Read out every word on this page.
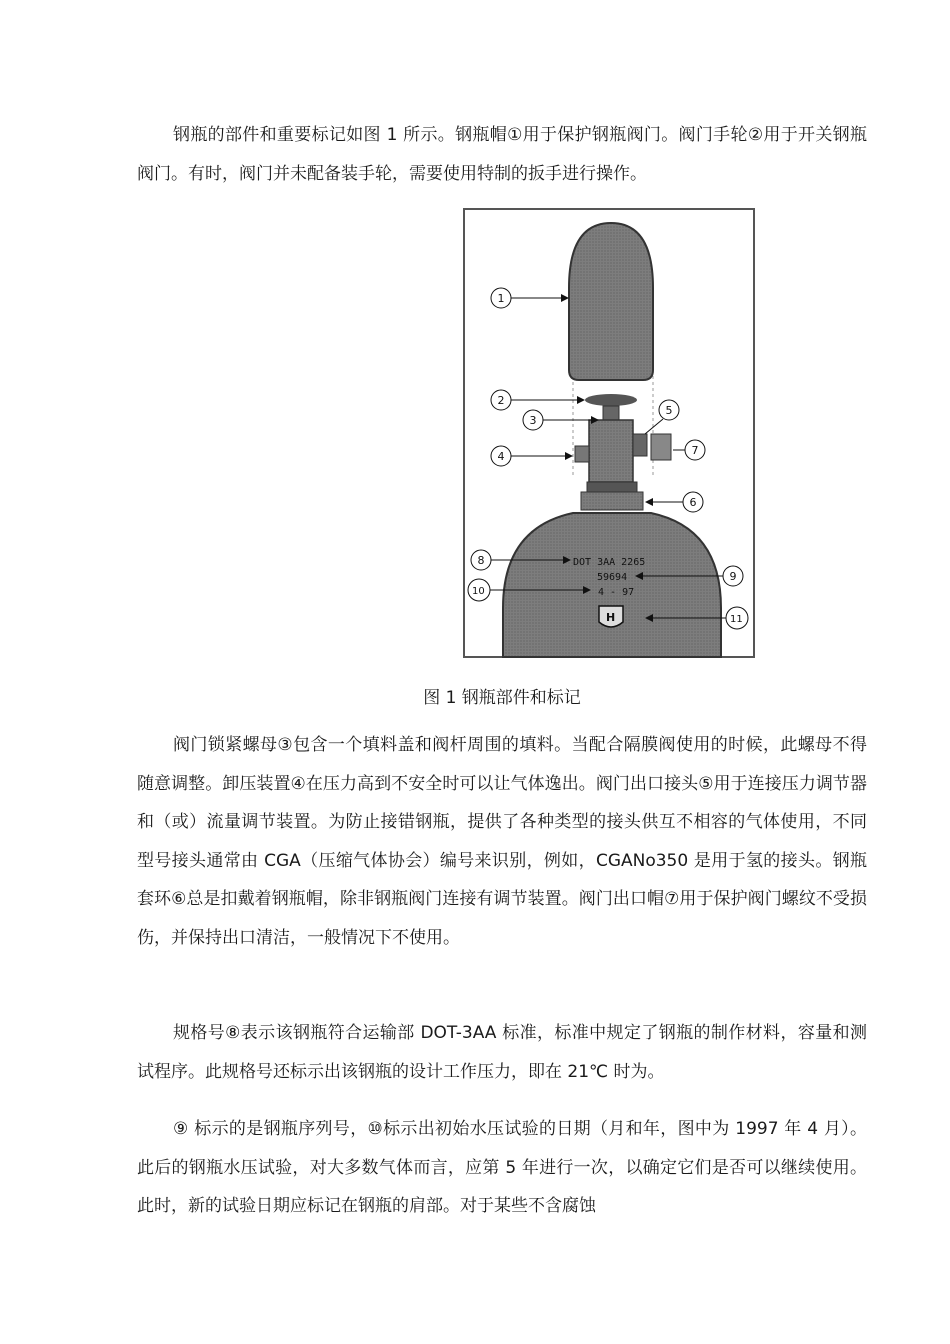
钢瓶的部件和重要标记如图 1 所示。钢瓶帽①用于保护钢瓶阀门。阀门手轮②用于开关钢瓶阀门。有时，阀门并未配备装手轮，需要使用特制的扳手进行操作。

DOT 3AA 2265
59694
4 - 97
H
1
2
3
4
5
6
7
8
9
10
11
图 1 钢瓶部件和标记

阀门锁紧螺母③包含一个填料盖和阀杆周围的填料。当配合隔膜阀使用的时候，此螺母不得随意调整。卸压装置④在压力高到不安全时可以让气体逸出。阀门出口接头⑤用于连接压力调节器和（或）流量调节装置。为防止接错钢瓶，提供了各种类型的接头供互不相容的气体使用，不同型号接头通常由 CGA（压缩气体协会）编号来识别，例如，CGANo350 是用于氢的接头。钢瓶套环⑥总是扣戴着钢瓶帽，除非钢瓶阀门连接有调节装置。阀门出口帽⑦用于保护阀门螺纹不受损伤，并保持出口清洁，一般情况下不使用。

规格号⑧表示该钢瓶符合运输部 DOT-3AA 标准，标准中规定了钢瓶的制作材料，容量和测试程序。此规格号还标示出该钢瓶的设计工作压力，即在 21℃ 时为。

⑨ 标示的是钢瓶序列号，⑩标示出初始水压试验的日期（月和年，图中为 1997 年 4 月）。此后的钢瓶水压试验，对大多数气体而言，应第 5 年进行一次，以确定它们是否可以继续使用。此时，新的试验日期应标记在钢瓶的肩部。对于某些不含腐蚀
